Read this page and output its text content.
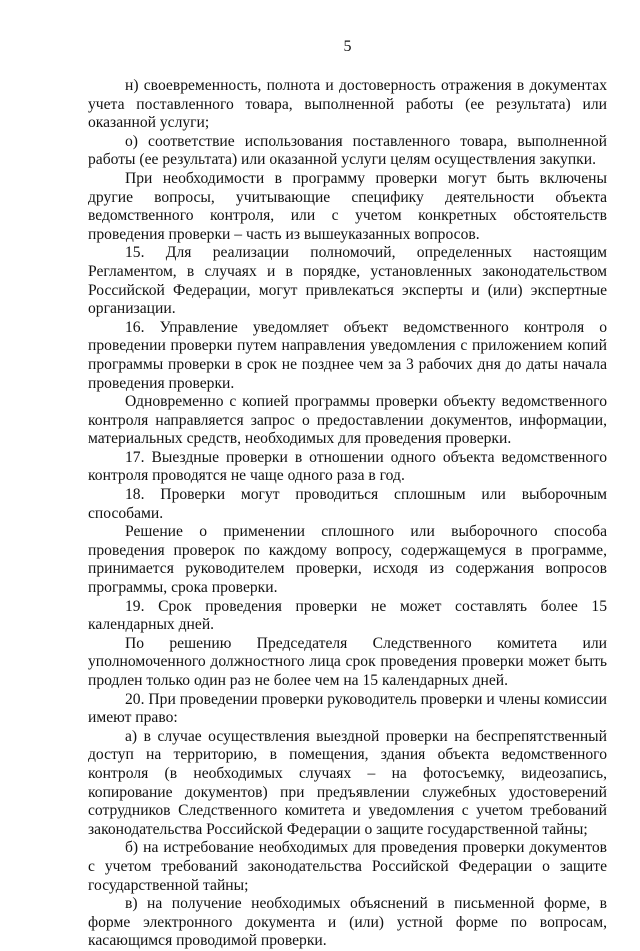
5

н) своевременность, полнота и достоверность отражения в документах учета поставленного товара, выполненной работы (ее результата) или оказанной услуги;

о) соответствие использования поставленного товара, выполненной работы (ее результата) или оказанной услуги целям осуществления закупки.

При необходимости в программу проверки могут быть включены другие вопросы, учитывающие специфику деятельности объекта ведомственного контроля, или с учетом конкретных обстоятельств проведения проверки – часть из вышеуказанных вопросов.

15. Для реализации полномочий, определенных настоящим Регламентом, в случаях и в порядке, установленных законодательством Российской Федерации, могут привлекаться эксперты и (или) экспертные организации.

16. Управление уведомляет объект ведомственного контроля о проведении проверки путем направления уведомления с приложением копий программы проверки в срок не позднее чем за 3 рабочих дня до даты начала проведения проверки.

Одновременно с копией программы проверки объекту ведомственного контроля направляется запрос о предоставлении документов, информации, материальных средств, необходимых для проведения проверки.

17. Выездные проверки в отношении одного объекта ведомственного контроля проводятся не чаще одного раза в год.

18. Проверки могут проводиться сплошным или выборочным способами.

Решение о применении сплошного или выборочного способа проведения проверок по каждому вопросу, содержащемуся в программе, принимается руководителем проверки, исходя из содержания вопросов программы, срока проверки.

19. Срок проведения проверки не может составлять более 15 календарных дней.

По решению Председателя Следственного комитета или уполномоченного должностного лица срок проведения проверки может быть продлен только один раз не более чем на 15 календарных дней.

20. При проведении проверки руководитель проверки и члены комиссии имеют право:

а) в случае осуществления выездной проверки на беспрепятственный доступ на территорию, в помещения, здания объекта ведомственного контроля (в необходимых случаях – на фотосъемку, видеозапись, копирование документов) при предъявлении служебных удостоверений сотрудников Следственного комитета и уведомления с учетом требований законодательства Российской Федерации о защите государственной тайны;

б) на истребование необходимых для проведения проверки документов с учетом требований законодательства Российской Федерации о защите государственной тайны;

в) на получение необходимых объяснений в письменной форме, в форме электронного документа и (или) устной форме по вопросам, касающимся проводимой проверки.
